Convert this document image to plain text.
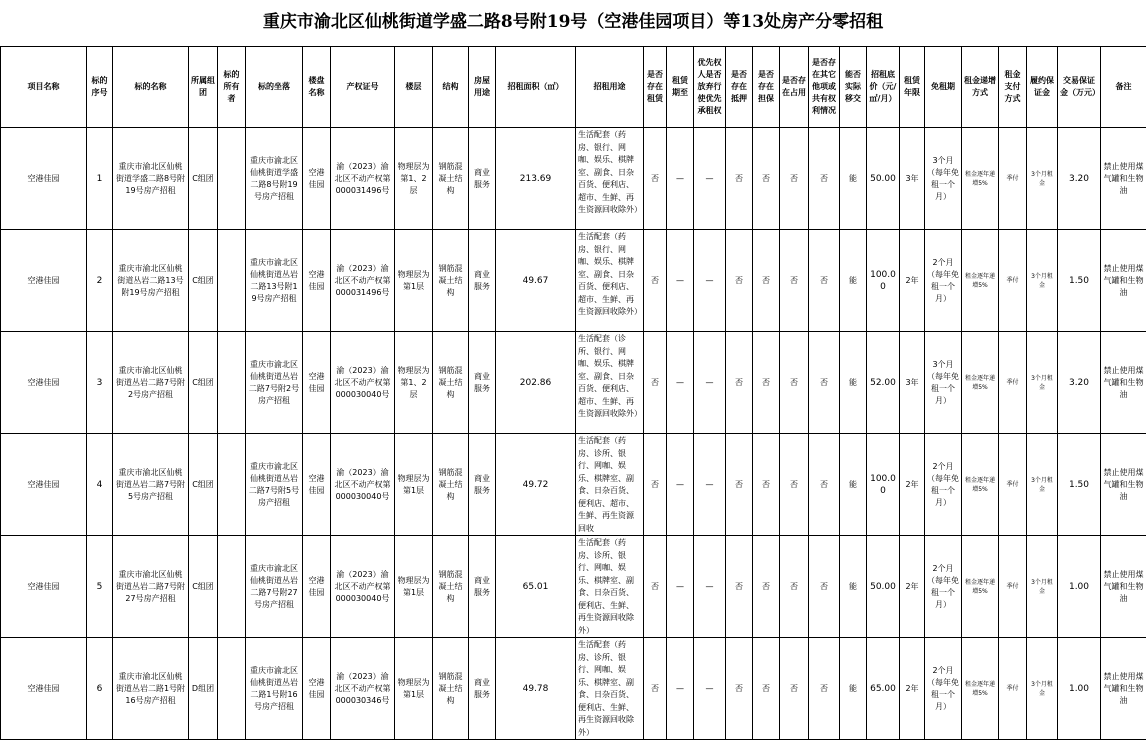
重庆市渝北区仙桃街道学盛二路8号附19号（空港佳园项目）等13处房产分零招租
项目名称	标的序号	标的名称	所属组团	标的所有者	标的坐落	楼盘名称	产权证号	楼层	结构	房屋用途	招租面积（㎡）	招租用途	是否存在租赁	租赁期至	优先权人是否放弃行使优先承租权	是否存在抵押	是否存在担保	是否存在占用	是否存在其它他项或共有权利情况	能否实际移交	招租底价（元/㎡/月）	租赁年限	免租期	租金递增方式	租金支付方式	履约保证金	交易保证金（万元）	备注
空港佳园	1	重庆市渝北区仙桃街道学盛二路8号附19号房产招租	C组团		重庆市渝北区仙桃街道学盛二路8号附19号房产招租	空港佳园	渝（2023）渝北区不动产权第000031496号	物理层为第1、2层	钢筋混凝土结构	商业服务	213.69	生活配套（药房、银行、网咖、娱乐、棋牌室、副食、日杂百货、便利店、超市、生鲜、再生资源回收除外）	否	—	—	否	否	否	否	能	50.00	3年	3个月（每年免租一个月）	租金逐年递增5%	季付	3个月租金	3.20	禁止使用煤气罐和生物油
空港佳园	2	重庆市渝北区仙桃街道丛岩二路13号附19号房产招租	C组团		重庆市渝北区仙桃街道丛岩二路13号附19号房产招租	空港佳园	渝（2023）渝北区不动产权第000031496号	物理层为第1层	钢筋混凝土结构	商业服务	49.67	生活配套（药房、银行、网咖、娱乐、棋牌室、副食、日杂百货、便利店、超市、生鲜、再生资源回收除外）	否	—	—	否	否	否	否	能	100.00	2年	2个月（每年免租一个月）	租金逐年递增5%	季付	3个月租金	1.50	禁止使用煤气罐和生物油
空港佳园	3	重庆市渝北区仙桃街道丛岩二路7号附2号房产招租	C组团		重庆市渝北区仙桃街道丛岩二路7号附2号房产招租	空港佳园	渝（2023）渝北区不动产权第000030040号	物理层为第1、2层	钢筋混凝土结构	商业服务	202.86	生活配套（诊所、银行、网咖、娱乐、棋牌室、副食、日杂百货、便利店、超市、生鲜、再生资源回收除外）	否	—	—	否	否	否	否	能	52.00	3年	3个月（每年免租一个月）	租金逐年递增5%	季付	3个月租金	3.20	禁止使用煤气罐和生物油
空港佳园	4	重庆市渝北区仙桃街道丛岩二路7号附5号房产招租	C组团		重庆市渝北区仙桃街道丛岩二路7号附5号房产招租	空港佳园	渝（2023）渝北区不动产权第000030040号	物理层为第1层	钢筋混凝土结构	商业服务	49.72	生活配套（药房、诊所、银行、网咖、娱乐、棋牌室、副食、日杂百货、便利店、超市、生鲜、再生资源回收	否	—	—	否	否	否	否	能	100.00	2年	2个月（每年免租一个月）	租金逐年递增5%	季付	3个月租金	1.50	禁止使用煤气罐和生物油
空港佳园	5	重庆市渝北区仙桃街道丛岩二路7号附27号房产招租	C组团		重庆市渝北区仙桃街道丛岩二路7号附27号房产招租	空港佳园	渝（2023）渝北区不动产权第000030040号	物理层为第1层	钢筋混凝土结构	商业服务	65.01	生活配套（药房、诊所、银行、网咖、娱乐、棋牌室、副食、日杂百货、便利店、生鲜、再生资源回收除外）	否	—	—	否	否	否	否	能	50.00	2年	2个月（每年免租一个月）	租金逐年递增5%	季付	3个月租金	1.00	禁止使用煤气罐和生物油
空港佳园	6	重庆市渝北区仙桃街道丛岩二路1号附16号房产招租	D组团		重庆市渝北区仙桃街道丛岩二路1号附16号房产招租	空港佳园	渝（2023）渝北区不动产权第000030346号	物理层为第1层	钢筋混凝土结构	商业服务	49.78	生活配套（药房、诊所、银行、网咖、娱乐、棋牌室、副食、日杂百货、便利店、生鲜、再生资源回收除外）	否	—	—	否	否	否	否	能	65.00	2年	2个月（每年免租一个月）	租金逐年递增5%	季付	3个月租金	1.00	禁止使用煤气罐和生物油
